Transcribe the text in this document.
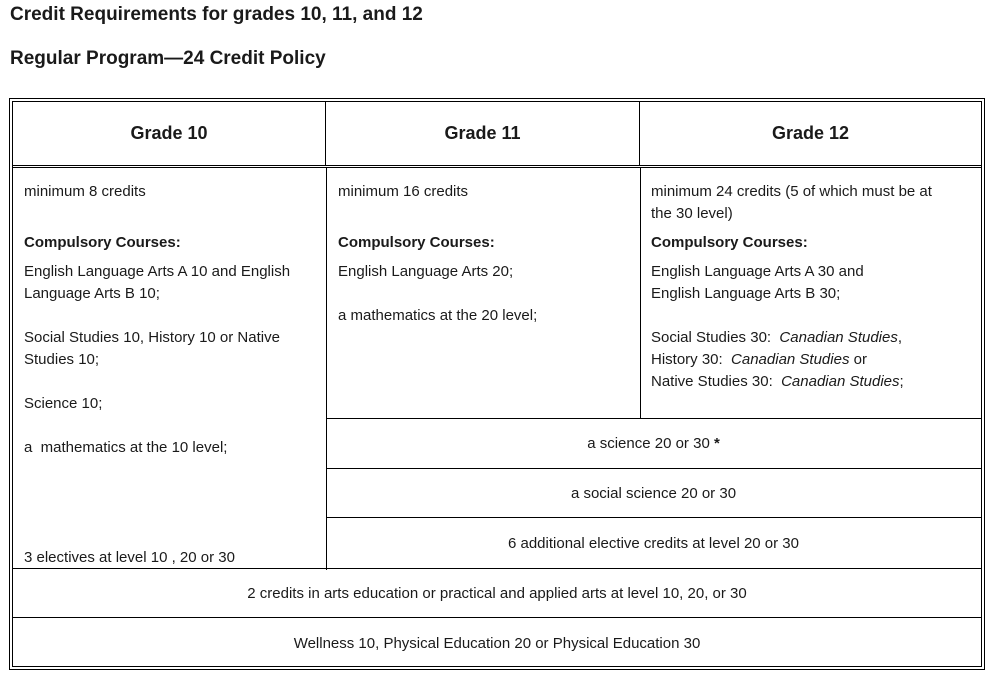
Credit Requirements for grades 10, 11, and 12
Regular Program—24 Credit Policy
Grade 10	Grade 11	Grade 12
minimum 8 credits
Compulsory Courses:
English Language Arts A 10 and English
Language Arts B 10;
Social Studies 10, History 10 or Native
Studies 10;
Science 10;
a  mathematics at the 10 level;
3 electives at level 10 , 20 or 30
minimum 16 credits
Compulsory Courses:
English Language Arts 20;
a mathematics at the 20 level;
minimum 24 credits (5 of which must be at
the 30 level)
Compulsory Courses:
English Language Arts A 30 and
English Language Arts B 30;
Social Studies 30:  Canadian Studies,
History 30:  Canadian Studies or
Native Studies 30:  Canadian Studies;
a science 20 or 30 *
a social science 20 or 30
6 additional elective credits at level 20 or 30
2 credits in arts education or practical and applied arts at level 10, 20, or 30
Wellness 10, Physical Education 20 or Physical Education 30
